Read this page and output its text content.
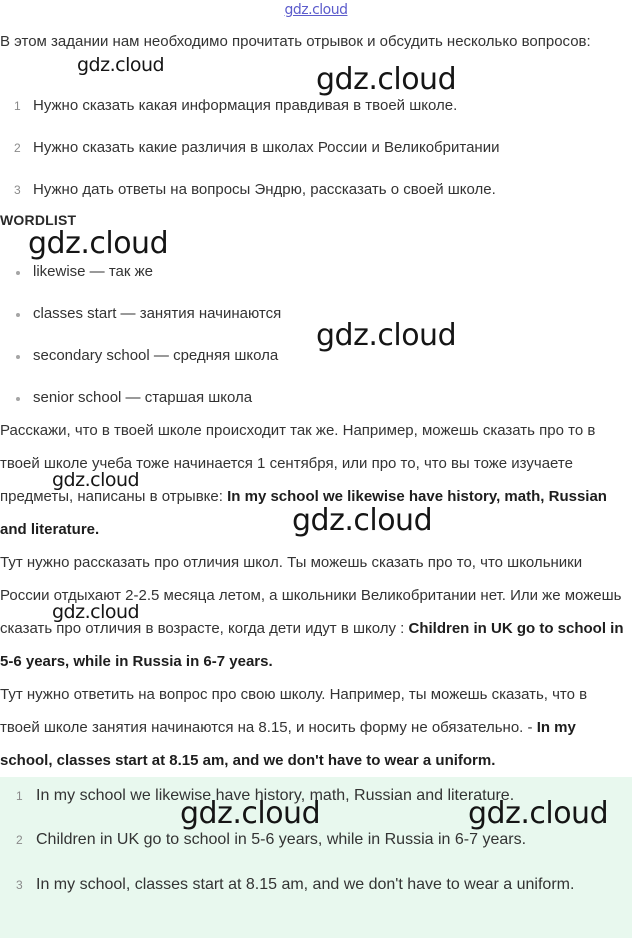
gdz.cloud

В этом задании нам необходимо прочитать отрывок и обсудить несколько вопросов:

1 Нужно сказать какая информация правдивая в твоей школе.
2 Нужно сказать какие различия в школах России и Великобритании
3 Нужно дать ответы на вопросы Эндрю, рассказать о своей школе.
WORDLIST
likewise — так же
classes start — занятия начинаются
secondary school — средняя школа
senior school — старшая школа

Расскажи, что в твоей школе происходит так же. Например, можешь сказать про то в твоей школе учеба тоже начинается 1 сентября, или про то, что вы тоже изучаете предметы, написаны в отрывке: In my school we likewise have history, math, Russian and literature.

Тут нужно рассказать про отличия школ. Ты можешь сказать про то, что школьники России отдыхают 2-2.5 месяца летом, а школьники Великобритании нет. Или же можешь сказать про отличия в возрасте, когда дети идут в школу : Children in UK go to school in 5-6 years, while in Russia in 6-7 years.

Тут нужно ответить на вопрос про свою школу. Например, ты можешь сказать, что в твоей школе занятия начинаются на 8.15, и носить форму не обязательно. - In my school, classes start at 8.15 am, and we don't have to wear a uniform.

1 In my school we likewise have history, math, Russian and literature.
2 Children in UK go to school in 5-6 years, while in Russia in 6-7 years.
3 In my school, classes start at 8.15 am, and we don't have to wear a uniform.
gdz.cloud	gdz.cloud
gdz.cloud
gdz.cloud
gdz.cloud
gdz.cloud
gdz.cloud
gdz.cloud	gdz.cloud
